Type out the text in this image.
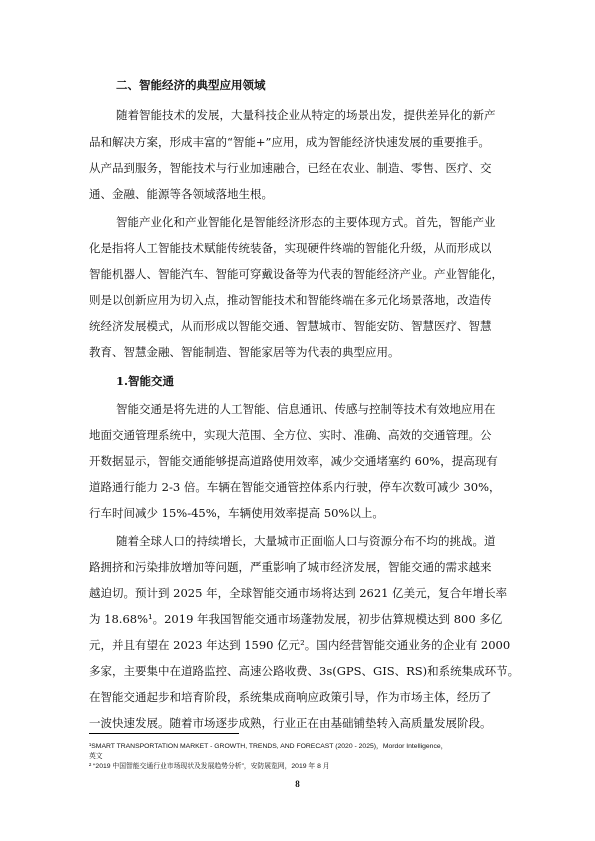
二、智能经济的典型应用领域
随着智能技术的发展，大量科技企业从特定的场景出发，提供差异化的新产
品和解决方案，形成丰富的“智能+”应用，成为智能经济快速发展的重要推手。
从产品到服务，智能技术与行业加速融合，已经在农业、制造、零售、医疗、交
通、金融、能源等各领域落地生根。
智能产业化和产业智能化是智能经济形态的主要体现方式。首先，智能产业
化是指将人工智能技术赋能传统装备，实现硬件终端的智能化升级，从而形成以
智能机器人、智能汽车、智能可穿戴设备等为代表的智能经济产业。产业智能化，
则是以创新应用为切入点，推动智能技术和智能终端在多元化场景落地，改造传
统经济发展模式，从而形成以智能交通、智慧城市、智能安防、智慧医疗、智慧
教育、智慧金融、智能制造、智能家居等为代表的典型应用。
1.智能交通
智能交通是将先进的人工智能、信息通讯、传感与控制等技术有效地应用在
地面交通管理系统中，实现大范围、全方位、实时、准确、高效的交通管理。公
开数据显示，智能交通能够提高道路使用效率，减少交通堵塞约 60%，提高现有
道路通行能力 2-3 倍。车辆在智能交通管控体系内行驶，停车次数可减少 30%，
行车时间减少 15%-45%，车辆使用效率提高 50%以上。
随着全球人口的持续增长，大量城市正面临人口与资源分布不均的挑战。道
路拥挤和污染排放增加等问题，严重影响了城市经济发展，智能交通的需求越来
越迫切。预计到 2025 年，全球智能交通市场将达到 2621 亿美元，复合年增长率
为 18.68%¹。2019 年我国智能交通市场蓬勃发展，初步估算规模达到 800 多亿
元，并且有望在 2023 年达到 1590 亿元²。国内经营智能交通业务的企业有 2000
多家，主要集中在道路监控、高速公路收费、3s(GPS、GIS、RS)和系统集成环节。
在智能交通起步和培育阶段，系统集成商响应政策引导，作为市场主体，经历了
一波快速发展。随着市场逐步成熟，行业正在由基础铺垫转入高质量发展阶段。
¹SMART TRANSPORTATION MARKET - GROWTH, TRENDS, AND FORECAST (2020 - 2025)，Mordor Intelligence，
英文
² “2019 中国智能交通行业市场现状及发展趋势分析”，安防展览网，2019 年 8 月
8
